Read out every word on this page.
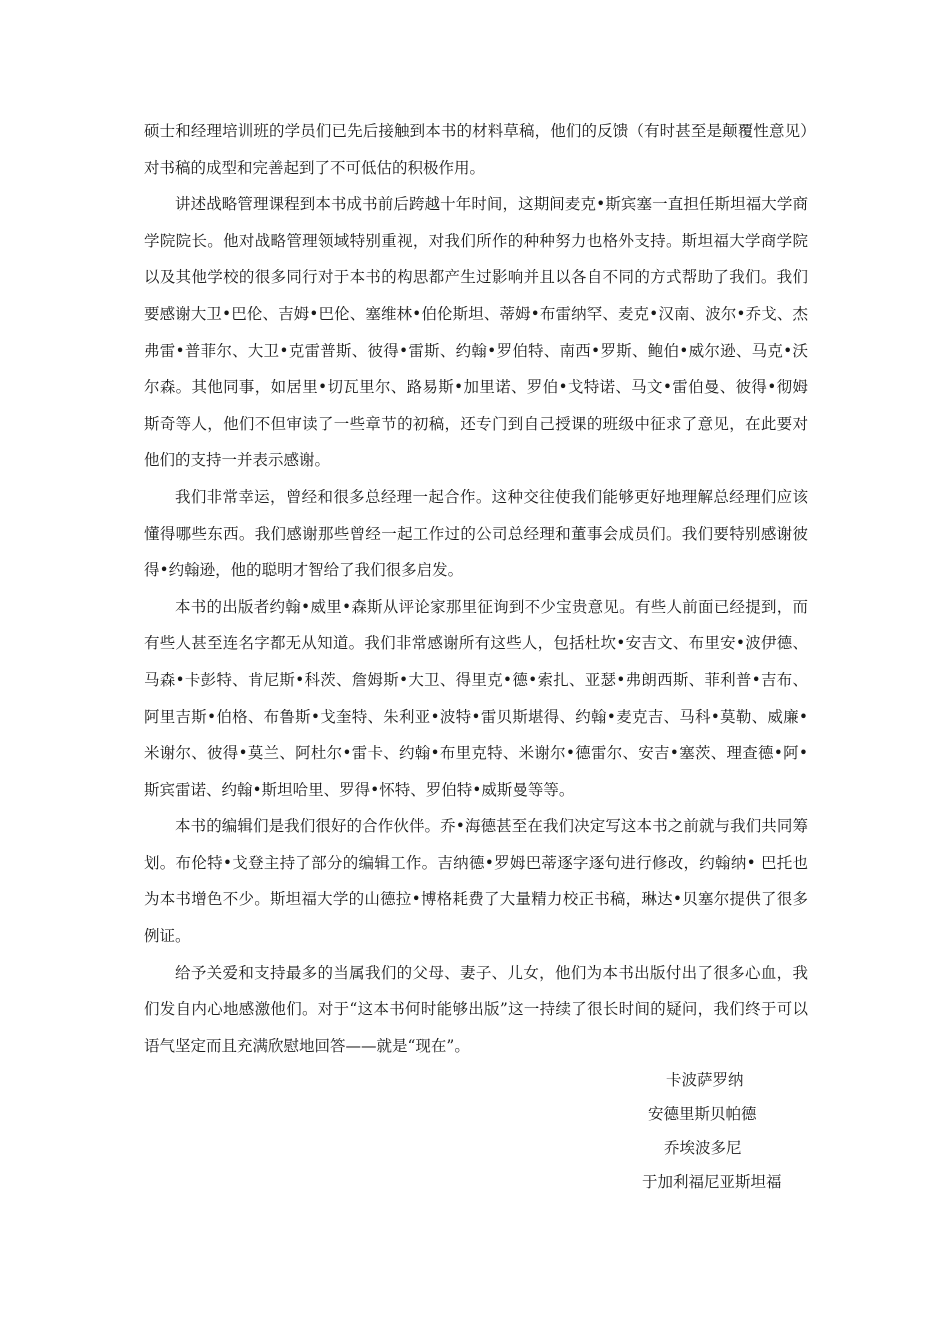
硕士和经理培训班的学员们已先后接触到本书的材料草稿，他们的反馈（有时甚至是颠覆性意见）对书稿的成型和完善起到了不可低估的积极作用。

讲述战略管理课程到本书成书前后跨越十年时间，这期间麦克•斯宾塞一直担任斯坦福大学商学院院长。他对战略管理领域特别重视，对我们所作的种种努力也格外支持。斯坦福大学商学院以及其他学校的很多同行对于本书的构思都产生过影响并且以各自不同的方式帮助了我们。我们要感谢大卫•巴伦、吉姆•巴伦、塞维林•伯伦斯坦、蒂姆•布雷纳罕、麦克•汉南、波尔•乔戈、杰弗雷•普菲尔、大卫•克雷普斯、彼得•雷斯、约翰•罗伯特、南西•罗斯、鲍伯•威尔逊、马克•沃尔森。其他同事，如居里•切瓦里尔、路易斯•加里诺、罗伯•戈特诺、马文•雷伯曼、彼得•彻姆斯奇等人，他们不但审读了一些章节的初稿，还专门到自己授课的班级中征求了意见，在此要对他们的支持一并表示感谢。

我们非常幸运，曾经和很多总经理一起合作。这种交往使我们能够更好地理解总经理们应该懂得哪些东西。我们感谢那些曾经一起工作过的公司总经理和董事会成员们。我们要特别感谢彼得•约翰逊，他的聪明才智给了我们很多启发。

本书的出版者约翰•威里•森斯从评论家那里征询到不少宝贵意见。有些人前面已经提到，而有些人甚至连名字都无从知道。我们非常感谢所有这些人，包括杜坎•安吉文、布里安•波伊德、马森•卡彭特、肯尼斯•科茨、詹姆斯•大卫、得里克•德•索扎、亚瑟•弗朗西斯、菲利普•吉布、阿里吉斯•伯格、布鲁斯•戈奎特、朱利亚•波特•雷贝斯堪得、约翰•麦克吉、马科•莫勒、威廉•米谢尔、彼得•莫兰、阿杜尔•雷卡、约翰•布里克特、米谢尔•德雷尔、安吉•塞茨、理查德•阿•斯宾雷诺、约翰•斯坦哈里、罗得•怀特、罗伯特•威斯曼等等。

本书的编辑们是我们很好的合作伙伴。乔•海德甚至在我们决定写这本书之前就与我们共同筹划。布伦特•戈登主持了部分的编辑工作。吉纳德•罗姆巴蒂逐字逐句进行修改，约翰纳• 巴托也为本书增色不少。斯坦福大学的山德拉•博格耗费了大量精力校正书稿，琳达•贝塞尔提供了很多例证。

给予关爱和支持最多的当属我们的父母、妻子、儿女，他们为本书出版付出了很多心血，我们发自内心地感激他们。对于“这本书何时能够出版”这一持续了很长时间的疑问，我们终于可以语气坚定而且充满欣慰地回答——就是“现在”。

卡波萨罗纳
安德里斯贝帕德
乔埃波多尼
于加利福尼亚斯坦福
